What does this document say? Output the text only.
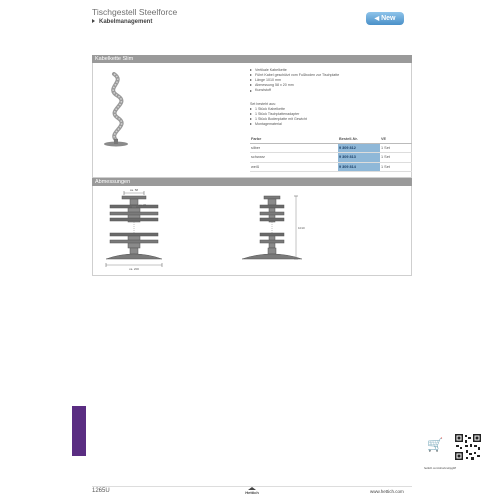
Tischgestell Steelforce
Kabelmanagement	◀ New
Kabelkette Slim
Vertikale Kabelkette
Führt Kabel geschützt vom Fußboden zur Tischplatte
Länge 1010 mm
Abmessung 58 x 20 mm
Kunststoff
Set besteht aus:
1 Stück Kabelkette
1 Stück Tischplattenadapter
1 Stück Bodenplatte mit Gewicht
Montagematerial
Farbe	Bestell-Nr.	VE
silber	9 309 812	1 Set
schwarz	9 309 813	1 Set
weiß	9 309 814	1 Set
Abmessungen
ca. 58
ca. 20
ca. 200
1010
🛒
hettich.com/shortcut/pg4ff
1265U	Hettich	www.hettich.com
